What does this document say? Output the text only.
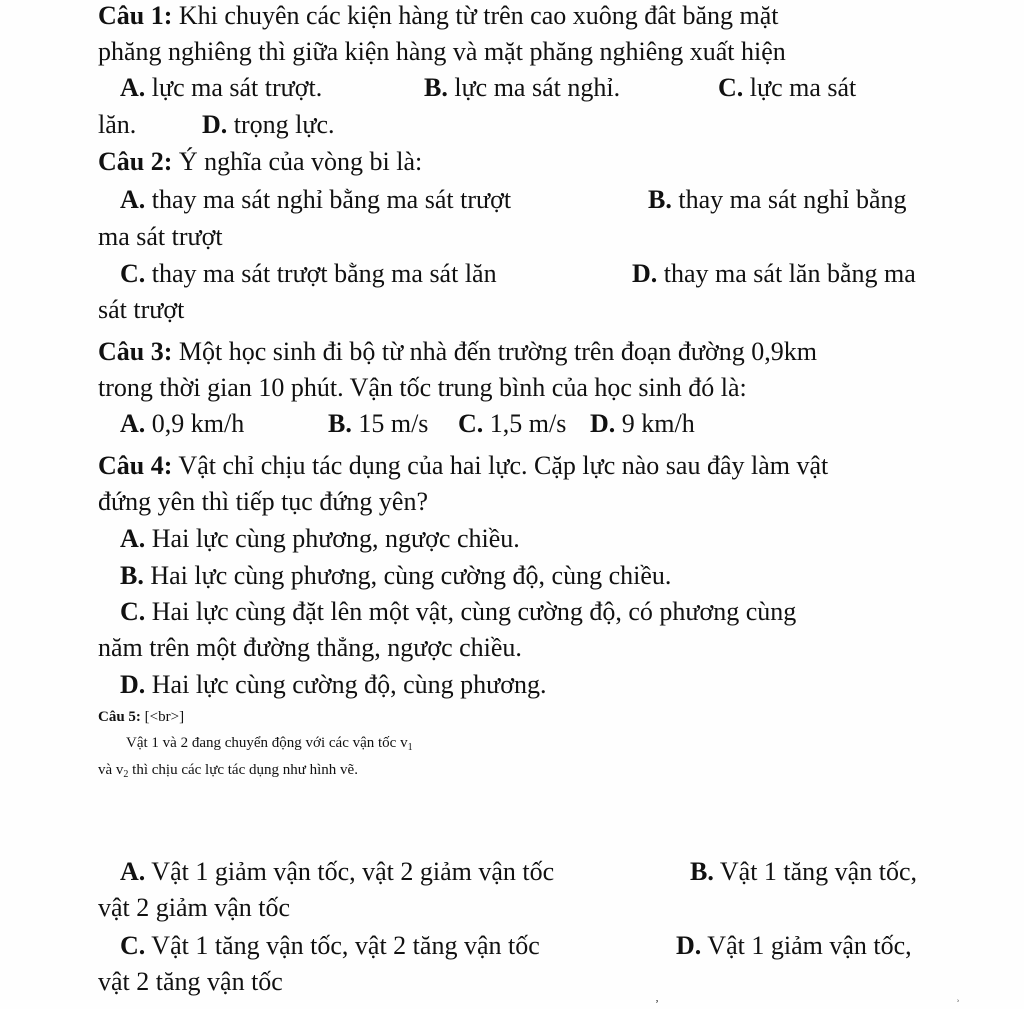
Câu 1: Khi chuyên các kiện hàng từ trên cao xuông đât băng mặt
phăng nghiêng thì giữa kiện hàng và mặt phăng nghiêng xuất hiện
A. lực ma sát trượt.	B. lực ma sát nghỉ.	C. lực ma sát
lăn.	D. trọng lực.
Câu 2: Ý nghĩa của vòng bi là:
A. thay ma sát nghỉ bằng ma sát trượt	B. thay ma sát nghỉ bằng
ma sát trượt
C. thay ma sát trượt bằng ma sát lăn	D. thay ma sát lăn bằng ma
sát trượt
Câu 3: Một học sinh đi bộ từ nhà đến trường trên đoạn đường 0,9km
trong thời gian 10 phút. Vận tốc trung bình của học sinh đó là:
A. 0,9 km/h	B. 15 m/s C. 1,5 m/s D. 9 km/h
Câu 4: Vật chỉ chịu tác dụng của hai lực. Cặp lực nào sau đây làm vật
đứng yên thì tiếp tục đứng yên?
A. Hai lực cùng phương, ngược chiều.
B. Hai lực cùng phương, cùng cường độ, cùng chiều.
C. Hai lực cùng đặt lên một vật, cùng cường độ, có phương cùng
năm trên một đường thẳng, ngược chiều.
D. Hai lực cùng cường độ, cùng phương.
Câu 5: [<br>]
Vật 1 và 2 đang chuyển động với các vận tốc $v_1$
và $v_2$ thì chịu các lực tác dụng như hình vẽ.
A. Vật 1 giảm vận tốc, vật 2 giảm vận tốc	B. Vật 1 tăng vận tốc,
vật 2 giảm vận tốc
C. Vật 1 tăng vận tốc, vật 2 tăng vận tốc	D. Vật 1 giảm vận tốc,
vật 2 tăng vận tốc
ʼ	ʾ
